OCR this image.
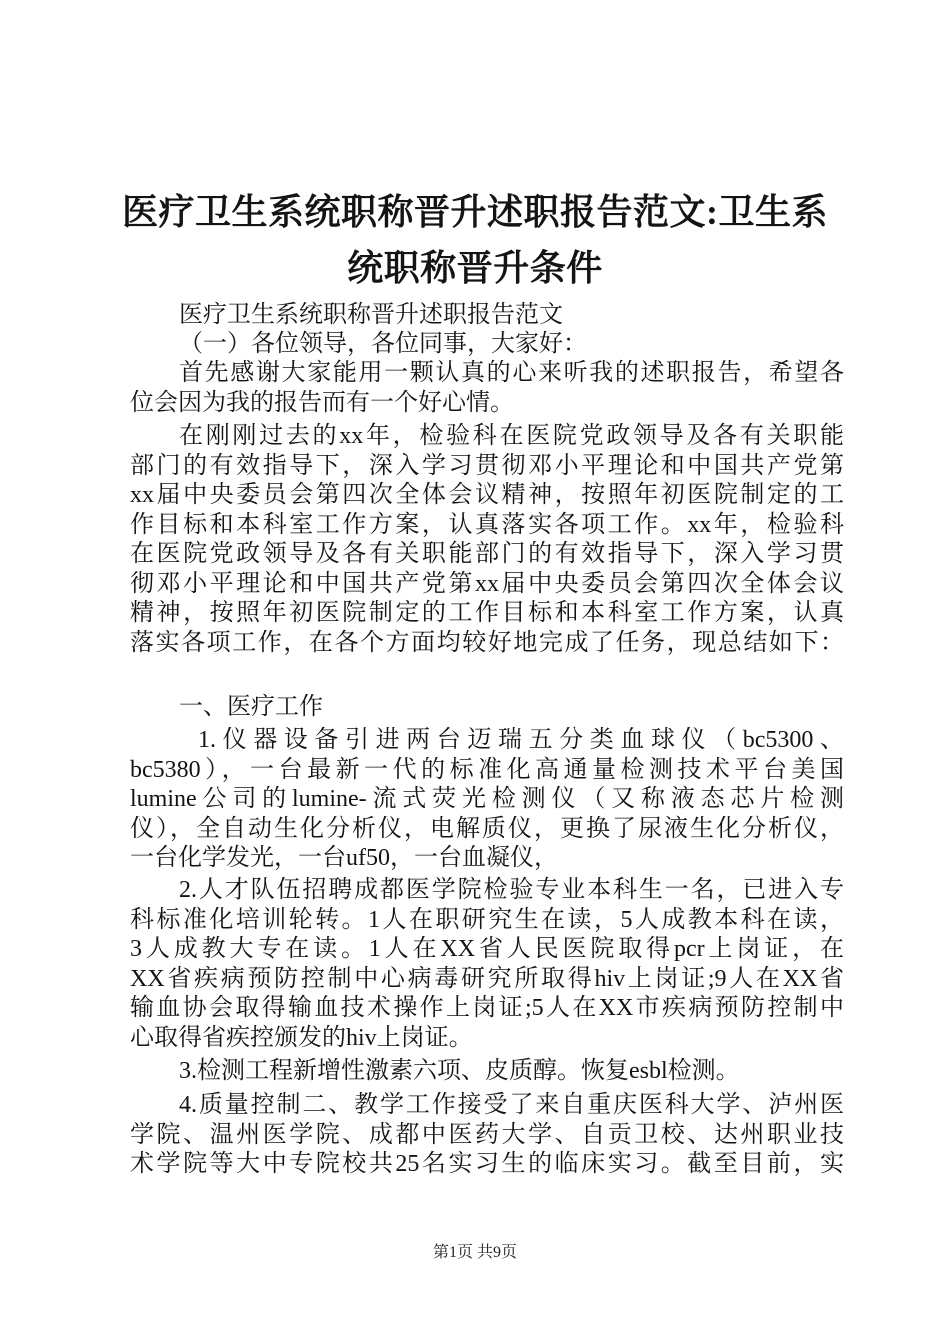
医疗卫生系统职称晋升述职报告范文:卫生系
统职称晋升条件
医疗卫生系统职称晋升述职报告范文
（一）各位领导，各位同事，大家好：
首先感谢大家能用一颗认真的心来听我的述职报告，希望各
位会因为我的报告而有一个好心情。
在刚刚过去的xx年，检验科在医院党政领导及各有关职能
部门的有效指导下，深入学习贯彻邓小平理论和中国共产党第
xx届中央委员会第四次全体会议精神，按照年初医院制定的工
作目标和本科室工作方案，认真落实各项工作。xx年，检验科
在医院党政领导及各有关职能部门的有效指导下，深入学习贯
彻邓小平理论和中国共产党第xx届中央委员会第四次全体会议
精神，按照年初医院制定的工作目标和本科室工作方案，认真
落实各项工作，在各个方面均较好地完成了任务，现总结如下：
一、医疗工作
1.仪器设备引进两台迈瑞五分类血球仪（bc5300、
bc5380），一台最新一代的标准化高通量检测技术平台美国
lumine公司的lumine-流式荧光检测仪（又称液态芯片检测
仪），全自动生化分析仪，电解质仪，更换了尿液生化分析仪，
一台化学发光，一台uf50，一台血凝仪，
2.人才队伍招聘成都医学院检验专业本科生一名，已进入专
科标准化培训轮转。1人在职研究生在读，5人成教本科在读，
3人成教大专在读。1人在XX省人民医院取得pcr上岗证，在
XX省疾病预防控制中心病毒研究所取得hiv上岗证;9人在XX省
输血协会取得输血技术操作上岗证;5人在XX市疾病预防控制中
心取得省疾控颁发的hiv上岗证。
3.检测工程新增性激素六项、皮质醇。恢复esbl检测。
4.质量控制二、教学工作接受了来自重庆医科大学、泸州医
学院、温州医学院、成都中医药大学、自贡卫校、达州职业技
术学院等大中专院校共25名实习生的临床实习。截至目前，实
第1页 共9页
